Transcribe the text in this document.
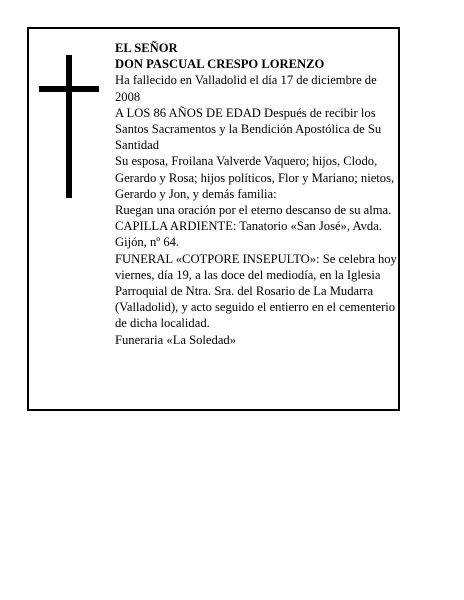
EL SEÑOR

DON PASCUAL CRESPO LORENZO

Ha fallecido en Valladolid el día 17 de diciembre de 2008

A LOS 86 AÑOS DE EDAD Después de recibir los Santos Sacramentos y la Bendición Apostólica de Su Santidad

Su esposa, Froilana Valverde Vaquero; hijos, Clodo, Gerardo y Rosa; hijos políticos, Flor y Mariano; nietos, Gerardo y Jon, y demás familia:

Ruegan una oración por el eterno descanso de su alma.

CAPILLA ARDIENTE: Tanatorio «San José», Avda. Gijón, nº 64.

FUNERAL «COTPORE INSEPULTO»: Se celebra hoy viernes, día 19, a las doce del mediodía, en la Iglesia Parroquial de Ntra. Sra. del Rosario de La Mudarra (Valladolid), y acto seguido el entierro en el cementerio de dicha localidad.

Funeraria «La Soledad»
